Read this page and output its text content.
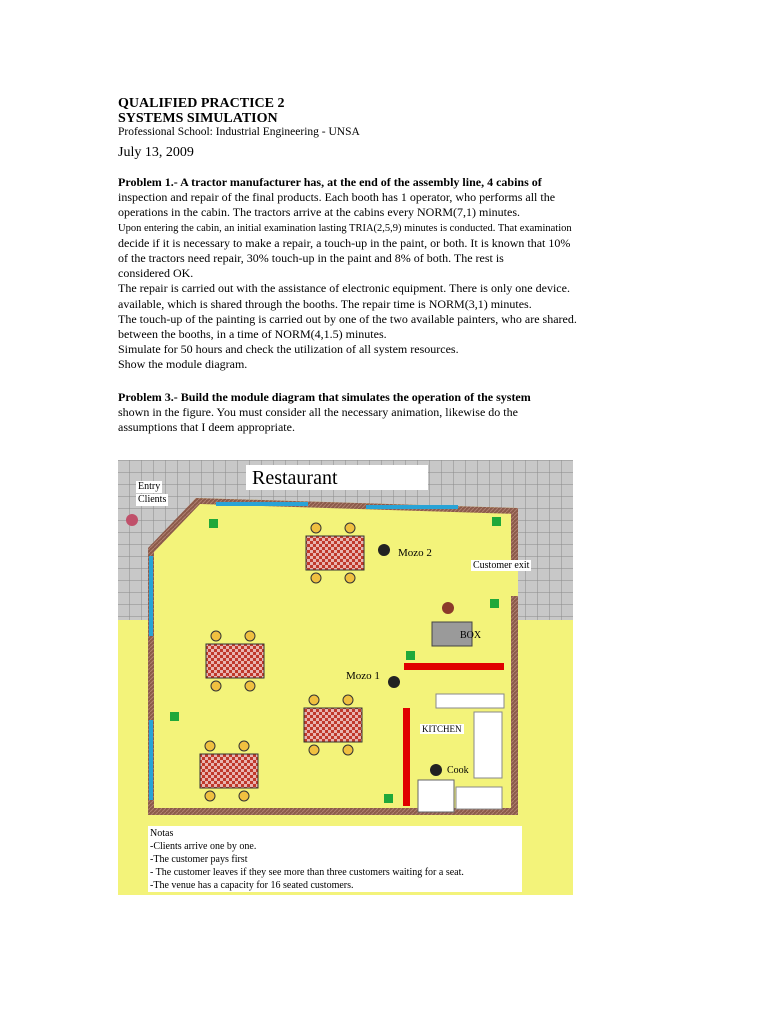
QUALIFIED PRACTICE 2
SYSTEMS SIMULATION
Professional School: Industrial Engineering - UNSA
July 13, 2009

Problem 1.- A tractor manufacturer has, at the end of the assembly line, 4 cabins of

inspection and repair of the final products. Each booth has 1 operator, who performs all the

operations in the cabin. The tractors arrive at the cabins every NORM(7,1) minutes.

Upon entering the cabin, an initial examination lasting TRIA(2,5,9) minutes is conducted. That examination

decide if it is necessary to make a repair, a touch-up in the paint, or both. It is known that 10%

of the tractors need repair, 30% touch-up in the paint and 8% of both. The rest is

considered OK.

The repair is carried out with the assistance of electronic equipment. There is only one device.

available, which is shared through the booths. The repair time is NORM(3,1) minutes.

The touch-up of the painting is carried out by one of the two available painters, who are shared.

between the booths, in a time of NORM(4,1.5) minutes.

Simulate for 50 hours and check the utilization of all system resources.

Show the module diagram.

Problem 3.- Build the module diagram that simulates the operation of the system

shown in the figure. You must consider all the necessary animation, likewise do the

assumptions that I deem appropriate.

Restaurant
Entry
Clients
Mozo 2
Customer exit
BOX
Mozo 1
KITCHEN
Cook
Notas
-Clients arrive one by one.
-The customer pays first
- The customer leaves if they see more than three customers waiting for a seat.
-The venue has a capacity for 16 seated customers.
